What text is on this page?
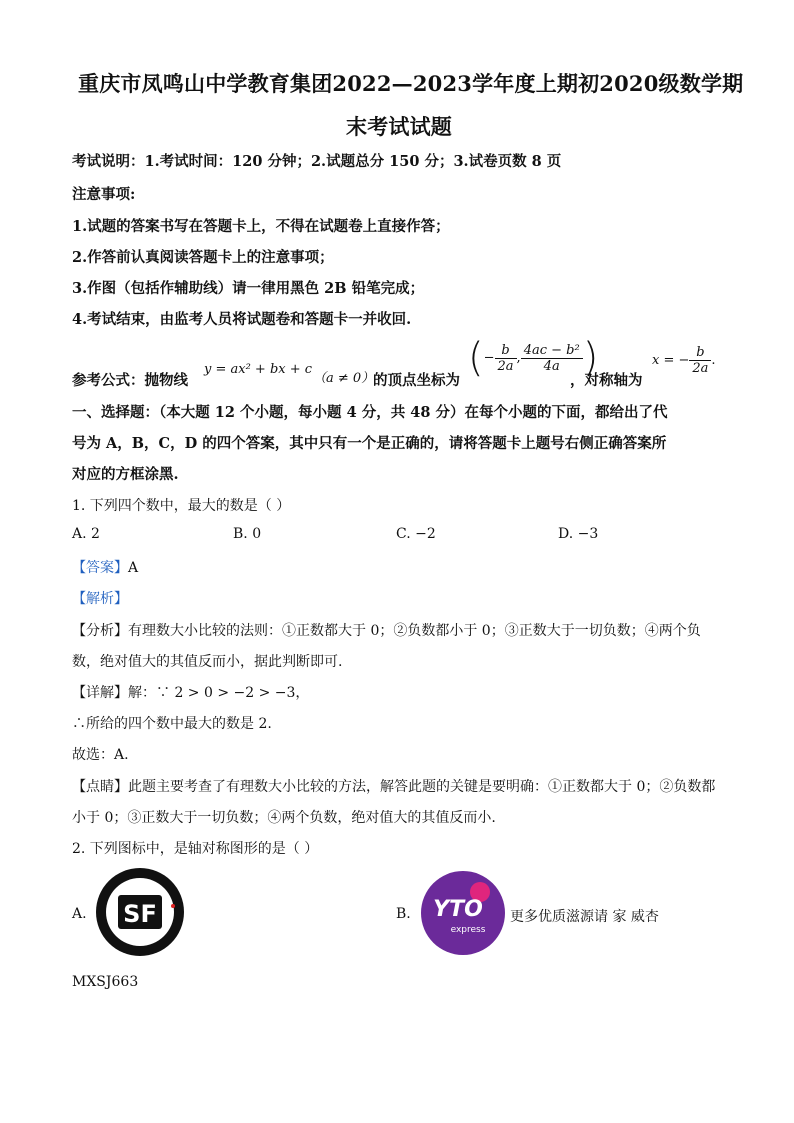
重庆市凤鸣山中学教育集团2022—2023学年度上期初2020级数学期
末考试试题
考试说明：1.考试时间：120 分钟；2.试题总分 150 分；3.试卷页数 8 页
注意事项:
1.试题的答案书写在答题卡上，不得在试题卷上直接作答；
2.作答前认真阅读答题卡上的注意事项；
3.作图（包括作辅助线）请一律用黑色 2B 铅笔完成；
4.考试结束，由监考人员将试题卷和答题卡一并收回.
参考公式：抛物线
y = ax² + bx + c
（a ≠ 0）
的顶点坐标为 (− $\frac{b}{2a}$ , $\frac{\text{4ac − b²}}{4a}$ )
，对称轴为
x = − $\frac{b}{2a}$ .
一、选择题：（本大题 12 个小题，每小题 4 分，共 48 分）在每个小题的下面，都给出了代
号为 A，B，C，D 的四个答案，其中只有一个是正确的，请将答题卡上题号右侧正确答案所
对应的方框涂黑.
1. 下列四个数中，最大的数是（ ）
A. 2	B. 0	C. −2	D. −3
【答案】A
【解析】
【分析】有理数大小比较的法则：①正数都大于 0；②负数都小于 0；③正数大于一切负数；④两个负
数，绝对值大的其值反而小，据此判断即可.
【详解】解：∵ 2 > 0 > −2 > −3，
∴所给的四个数中最大的数是 2.
故选：A.
【点睛】此题主要考查了有理数大小比较的方法，解答此题的关键是要明确：①正数都大于 0；②负数都
小于 0；③正数大于一切负数；④两个负数，绝对值大的其值反而小.
2. 下列图标中，是轴对称图形的是（ ）
A. SF	B. YTO
express
更多优质滋源请 家 威杏
MXSJ663
